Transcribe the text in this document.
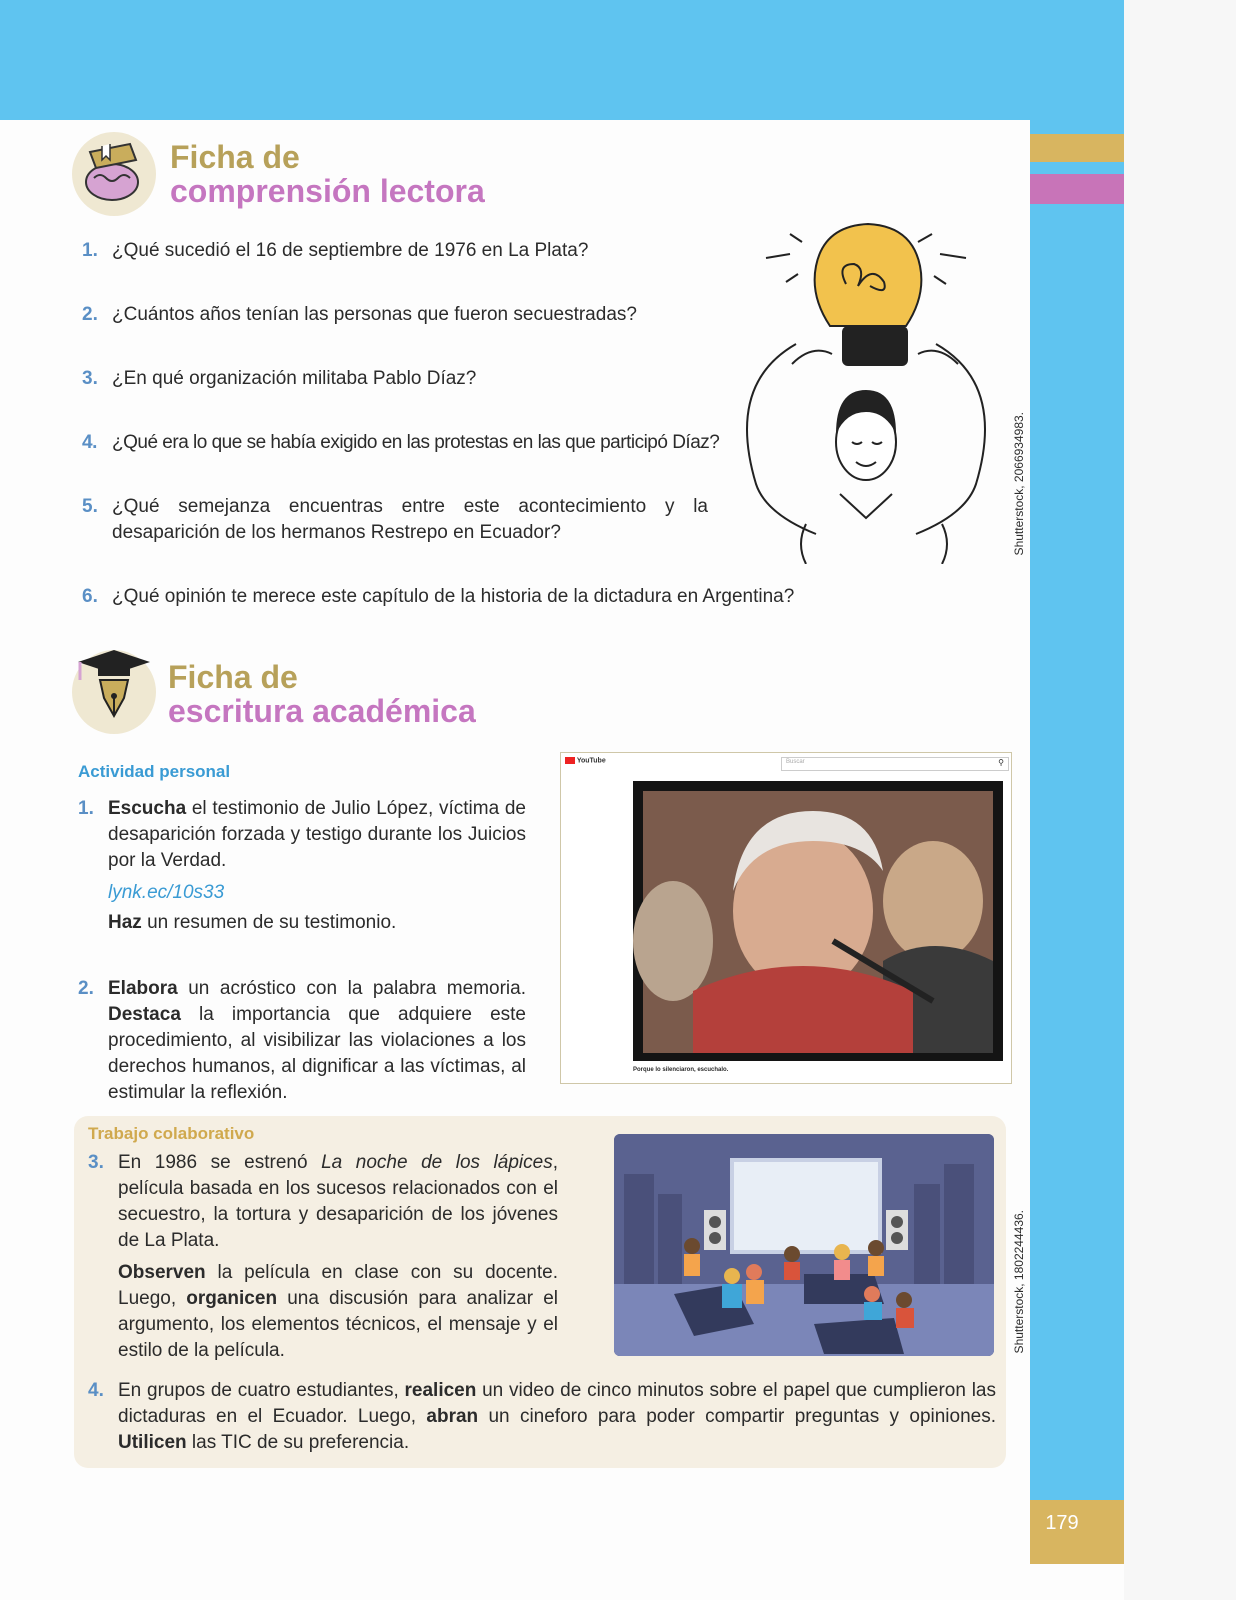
179
Shutterstock, 2066934983.
Shutterstock, 1802244436.
Ficha de
comprensión lectora
1. ¿Qué sucedió el 16 de septiembre de 1976 en La Plata?
2. ¿Cuántos años tenían las personas que fueron secuestradas?
3. ¿En qué organización militaba Pablo Díaz?
4. ¿Qué era lo que se había exigido en las protestas en las que participó Díaz?
5. ¿Qué semejanza encuentras entre este acontecimiento y la desaparición de los hermanos Restrepo en Ecuador?
6. ¿Qué opinión te merece este capítulo de la historia de la dictadura en Argentina?
Ficha de
escritura académica
Actividad personal
1. Escucha el testimonio de Julio López, víctima de desaparición forzada y testigo durante los Juicios por la Verdad.
lynk.ec/10s33
Haz un resumen de su testimonio.
2. Elabora un acróstico con la palabra memoria. Destaca la importancia que adquiere este procedimiento, al visibilizar las violaciones a los derechos humanos, al dignificar a las víctimas, al estimular la reflexión.
YouTube	Buscar	⚲
Porque lo silenciaron, escuchalo.
Trabajo colaborativo
3. En 1986 se estrenó La noche de los lápices, película basada en los sucesos relacionados con el secuestro, la tortura y desaparición de los jóvenes de La Plata.
Observen la película en clase con su docente. Luego, organicen una discusión para analizar el argumento, los elementos técnicos, el mensaje y el estilo de la película.
4. En grupos de cuatro estudiantes, realicen un video de cinco minutos sobre el papel que cumplieron las dictaduras en el Ecuador. Luego, abran un cineforo para poder compartir preguntas y opiniones. Utilicen las TIC de su preferencia.
